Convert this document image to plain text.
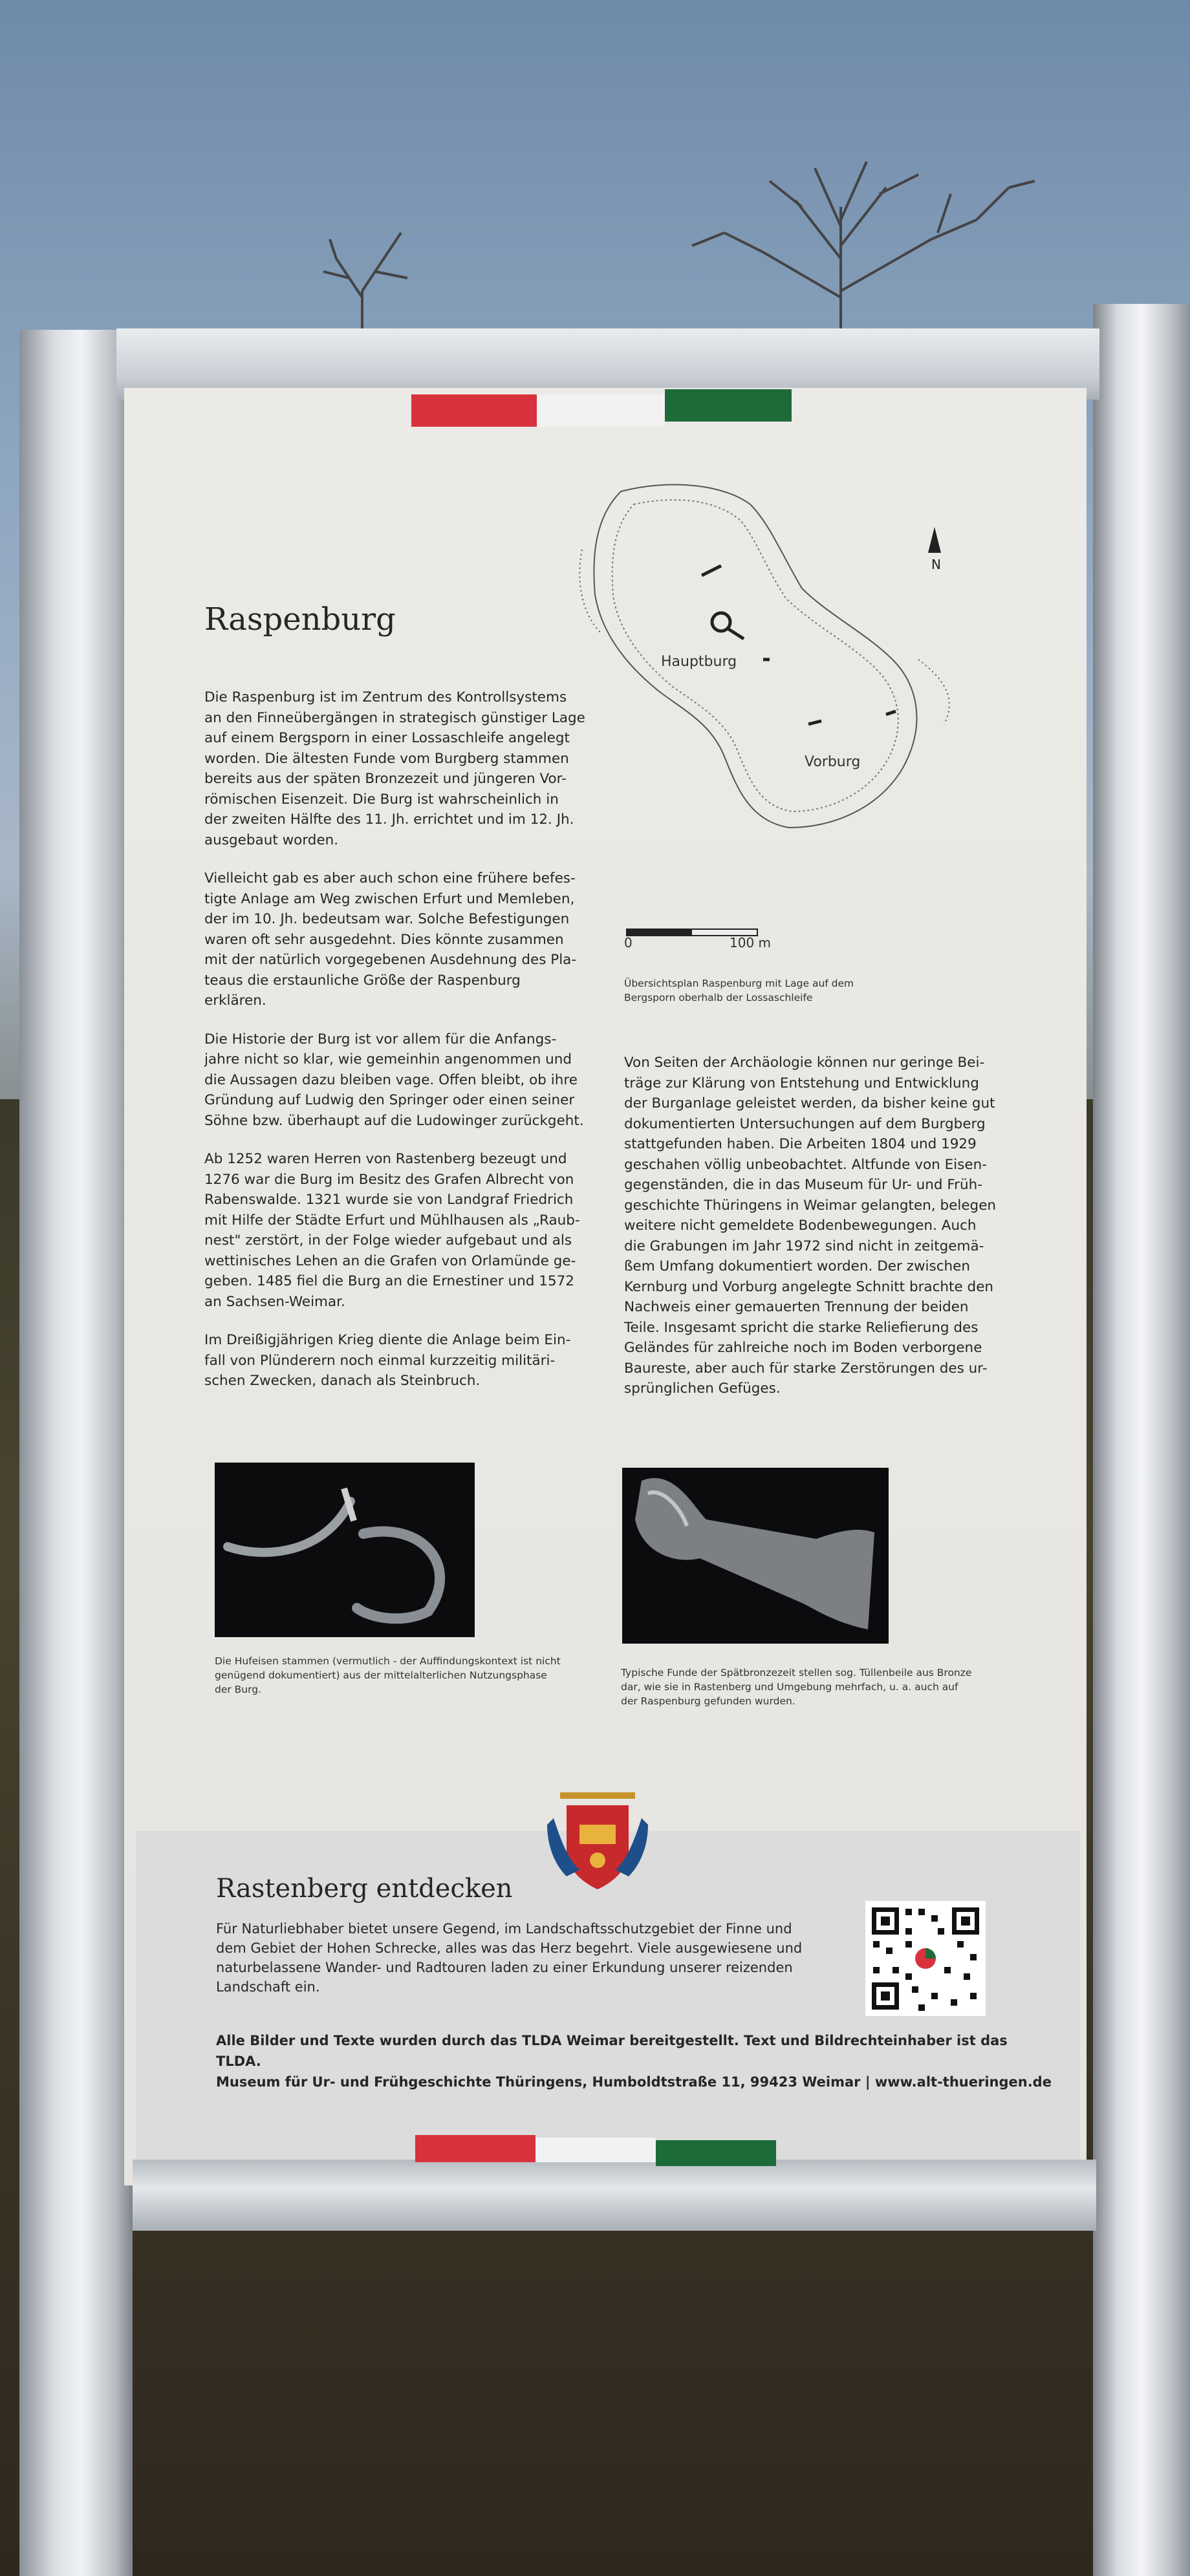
Raspenburg

Die Raspenburg ist im Zentrum des Kontrollsystems
an den Finneübergängen in strategisch günstiger Lage
auf einem Bergsporn in einer Lossaschleife angelegt
worden. Die ältesten Funde vom Burgberg stammen
bereits aus der späten Bronzezeit und jüngeren Vor-
römischen Eisenzeit. Die Burg ist wahrscheinlich in
der zweiten Hälfte des 11. Jh. errichtet und im 12. Jh.
ausgebaut worden.

Vielleicht gab es aber auch schon eine frühere befes-
tigte Anlage am Weg zwischen Erfurt und Memleben,
der im 10. Jh. bedeutsam war. Solche Befestigungen
waren oft sehr ausgedehnt. Dies könnte zusammen
mit der natürlich vorgegebenen Ausdehnung des Pla-
teaus die erstaunliche Größe der Raspenburg erklären.

Die Historie der Burg ist vor allem für die Anfangs-
jahre nicht so klar, wie gemeinhin angenommen und
die Aussagen dazu bleiben vage. Offen bleibt, ob ihre
Gründung auf Ludwig den Springer oder einen seiner
Söhne bzw. überhaupt auf die Ludowinger zurückgeht.

Ab 1252 waren Herren von Rastenberg bezeugt und
1276 war die Burg im Besitz des Grafen Albrecht von
Rabenswalde. 1321 wurde sie von Landgraf Friedrich
mit Hilfe der Städte Erfurt und Mühlhausen als „Raub-
nest" zerstört, in der Folge wieder aufgebaut und als
wettinisches Lehen an die Grafen von Orlamünde ge-
geben. 1485 fiel die Burg an die Ernestiner und 1572
an Sachsen-Weimar.

Im Dreißigjährigen Krieg diente die Anlage beim Ein-
fall von Plünderern noch einmal kurzzeitig militäri-
schen Zwecken, danach als Steinbruch.

N
Hauptburg
Vorburg
0	100 m
Übersichtsplan Raspenburg mit Lage auf dem
Bergsporn oberhalb der Lossaschleife

Von Seiten der Archäologie können nur geringe Bei-
träge zur Klärung von Entstehung und Entwicklung
der Burganlage geleistet werden, da bisher keine gut
dokumentierten Untersuchungen auf dem Burgberg
stattgefunden haben. Die Arbeiten 1804 und 1929
geschahen völlig unbeobachtet. Altfunde von Eisen-
gegenständen, die in das Museum für Ur- und Früh-
geschichte Thüringens in Weimar gelangten, belegen
weitere nicht gemeldete Bodenbewegungen. Auch
die Grabungen im Jahr 1972 sind nicht in zeitgemä-
ßem Umfang dokumentiert worden. Der zwischen
Kernburg und Vorburg angelegte Schnitt brachte den
Nachweis einer gemauerten Trennung der beiden
Teile. Insgesamt spricht die starke Reliefierung des
Geländes für zahlreiche noch im Boden verborgene
Baureste, aber auch für starke Zerstörungen des ur-
sprünglichen Gefüges.

Die Hufeisen stammen (vermutlich - der Auffindungskontext ist nicht
genügend dokumentiert) aus der mittelalterlichen Nutzungsphase
der Burg.
Typische Funde der Spätbronzezeit stellen sog. Tüllenbeile aus Bronze
dar, wie sie in Rastenberg und Umgebung mehrfach, u. a. auch auf
der Raspenburg gefunden wurden.
Rastenberg entdecken
Für Naturliebhaber bietet unsere Gegend, im Landschaftsschutzgebiet der Finne und
dem Gebiet der Hohen Schrecke, alles was das Herz begehrt. Viele ausgewiesene und
naturbelassene Wander- und Radtouren laden zu einer Erkundung unserer reizenden
Landschaft ein.
Alle Bilder und Texte wurden durch das TLDA Weimar bereitgestellt. Text und Bildrechteinhaber ist das TLDA.
Museum für Ur- und Frühgeschichte Thüringens, Humboldtstraße 11, 99423 Weimar | www.alt-thueringen.de
